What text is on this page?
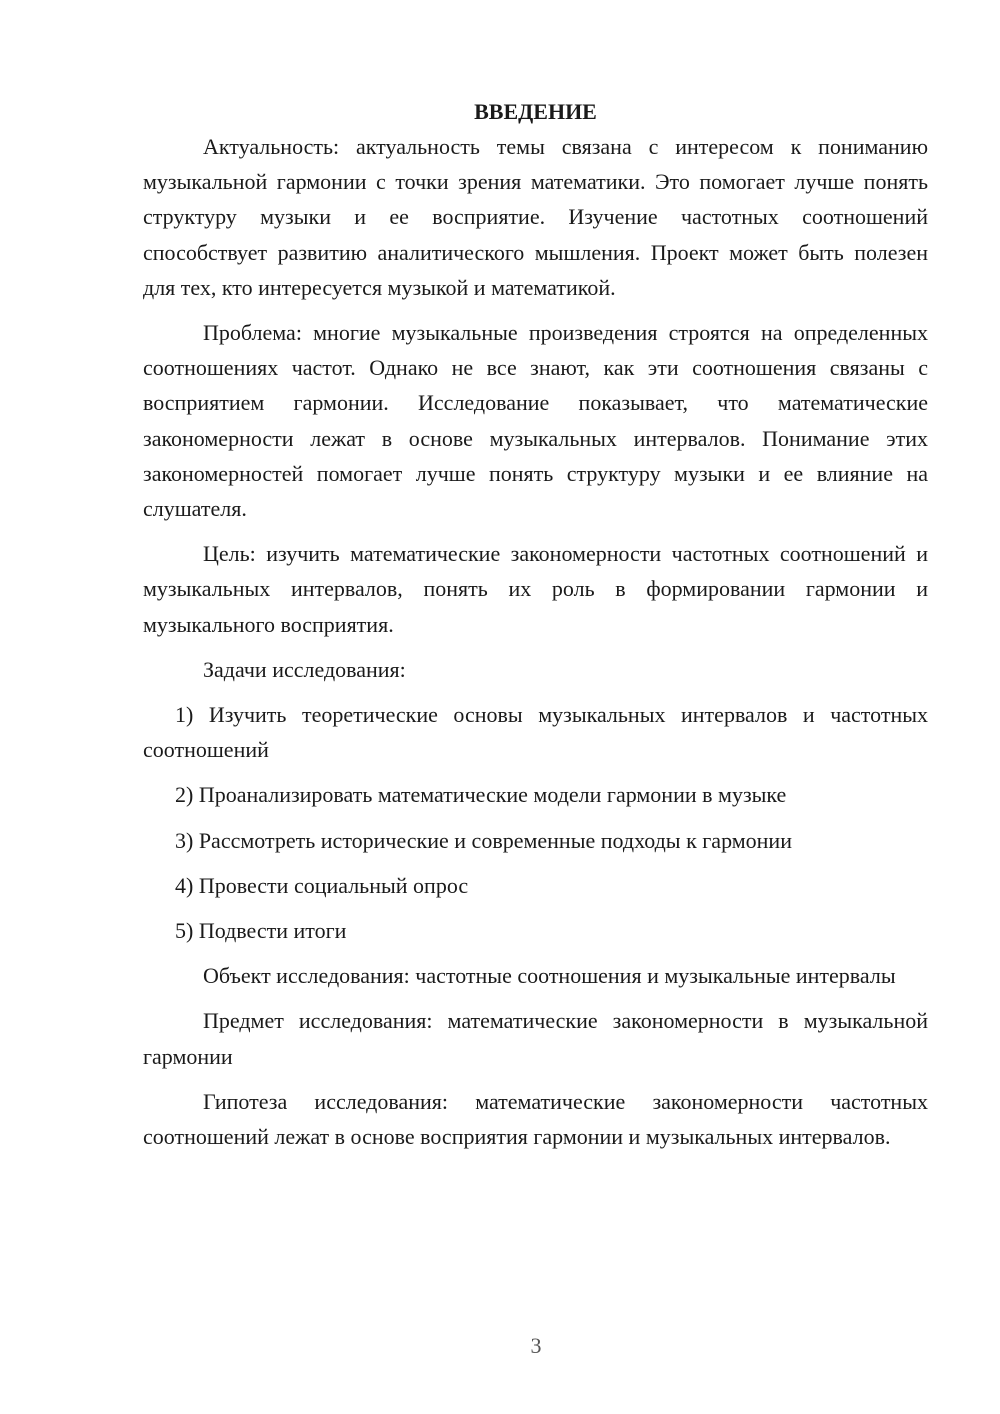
ВВЕДЕНИЕ

Актуальность: актуальность темы связана с интересом к пониманию музыкальной гармонии с точки зрения математики. Это помогает лучше понять структуру музыки и ее восприятие. Изучение частотных соотношений способствует развитию аналитического мышления. Проект может быть полезен для тех, кто интересуется музыкой и математикой.

Проблема: многие музыкальные произведения строятся на определенных соотношениях частот. Однако не все знают, как эти соотношения связаны с восприятием гармонии. Исследование показывает, что математические закономерности лежат в основе музыкальных интервалов. Понимание этих закономерностей помогает лучше понять структуру музыки и ее влияние на слушателя.

Цель: изучить математические закономерности частотных соотношений и музыкальных интервалов, понять их роль в формировании гармонии и музыкального восприятия.

Задачи исследования:

1) Изучить теоретические основы музыкальных интервалов и частотных соотношений

2) Проанализировать математические модели гармонии в музыке

3) Рассмотреть исторические и современные подходы к гармонии

4) Провести социальный опрос

5) Подвести итоги

Объект исследования: частотные соотношения и музыкальные интервалы

Предмет исследования: математические закономерности в музыкальной гармонии

Гипотеза исследования: математические закономерности частотных соотношений лежат в основе восприятия гармонии и музыкальных интервалов.

3
